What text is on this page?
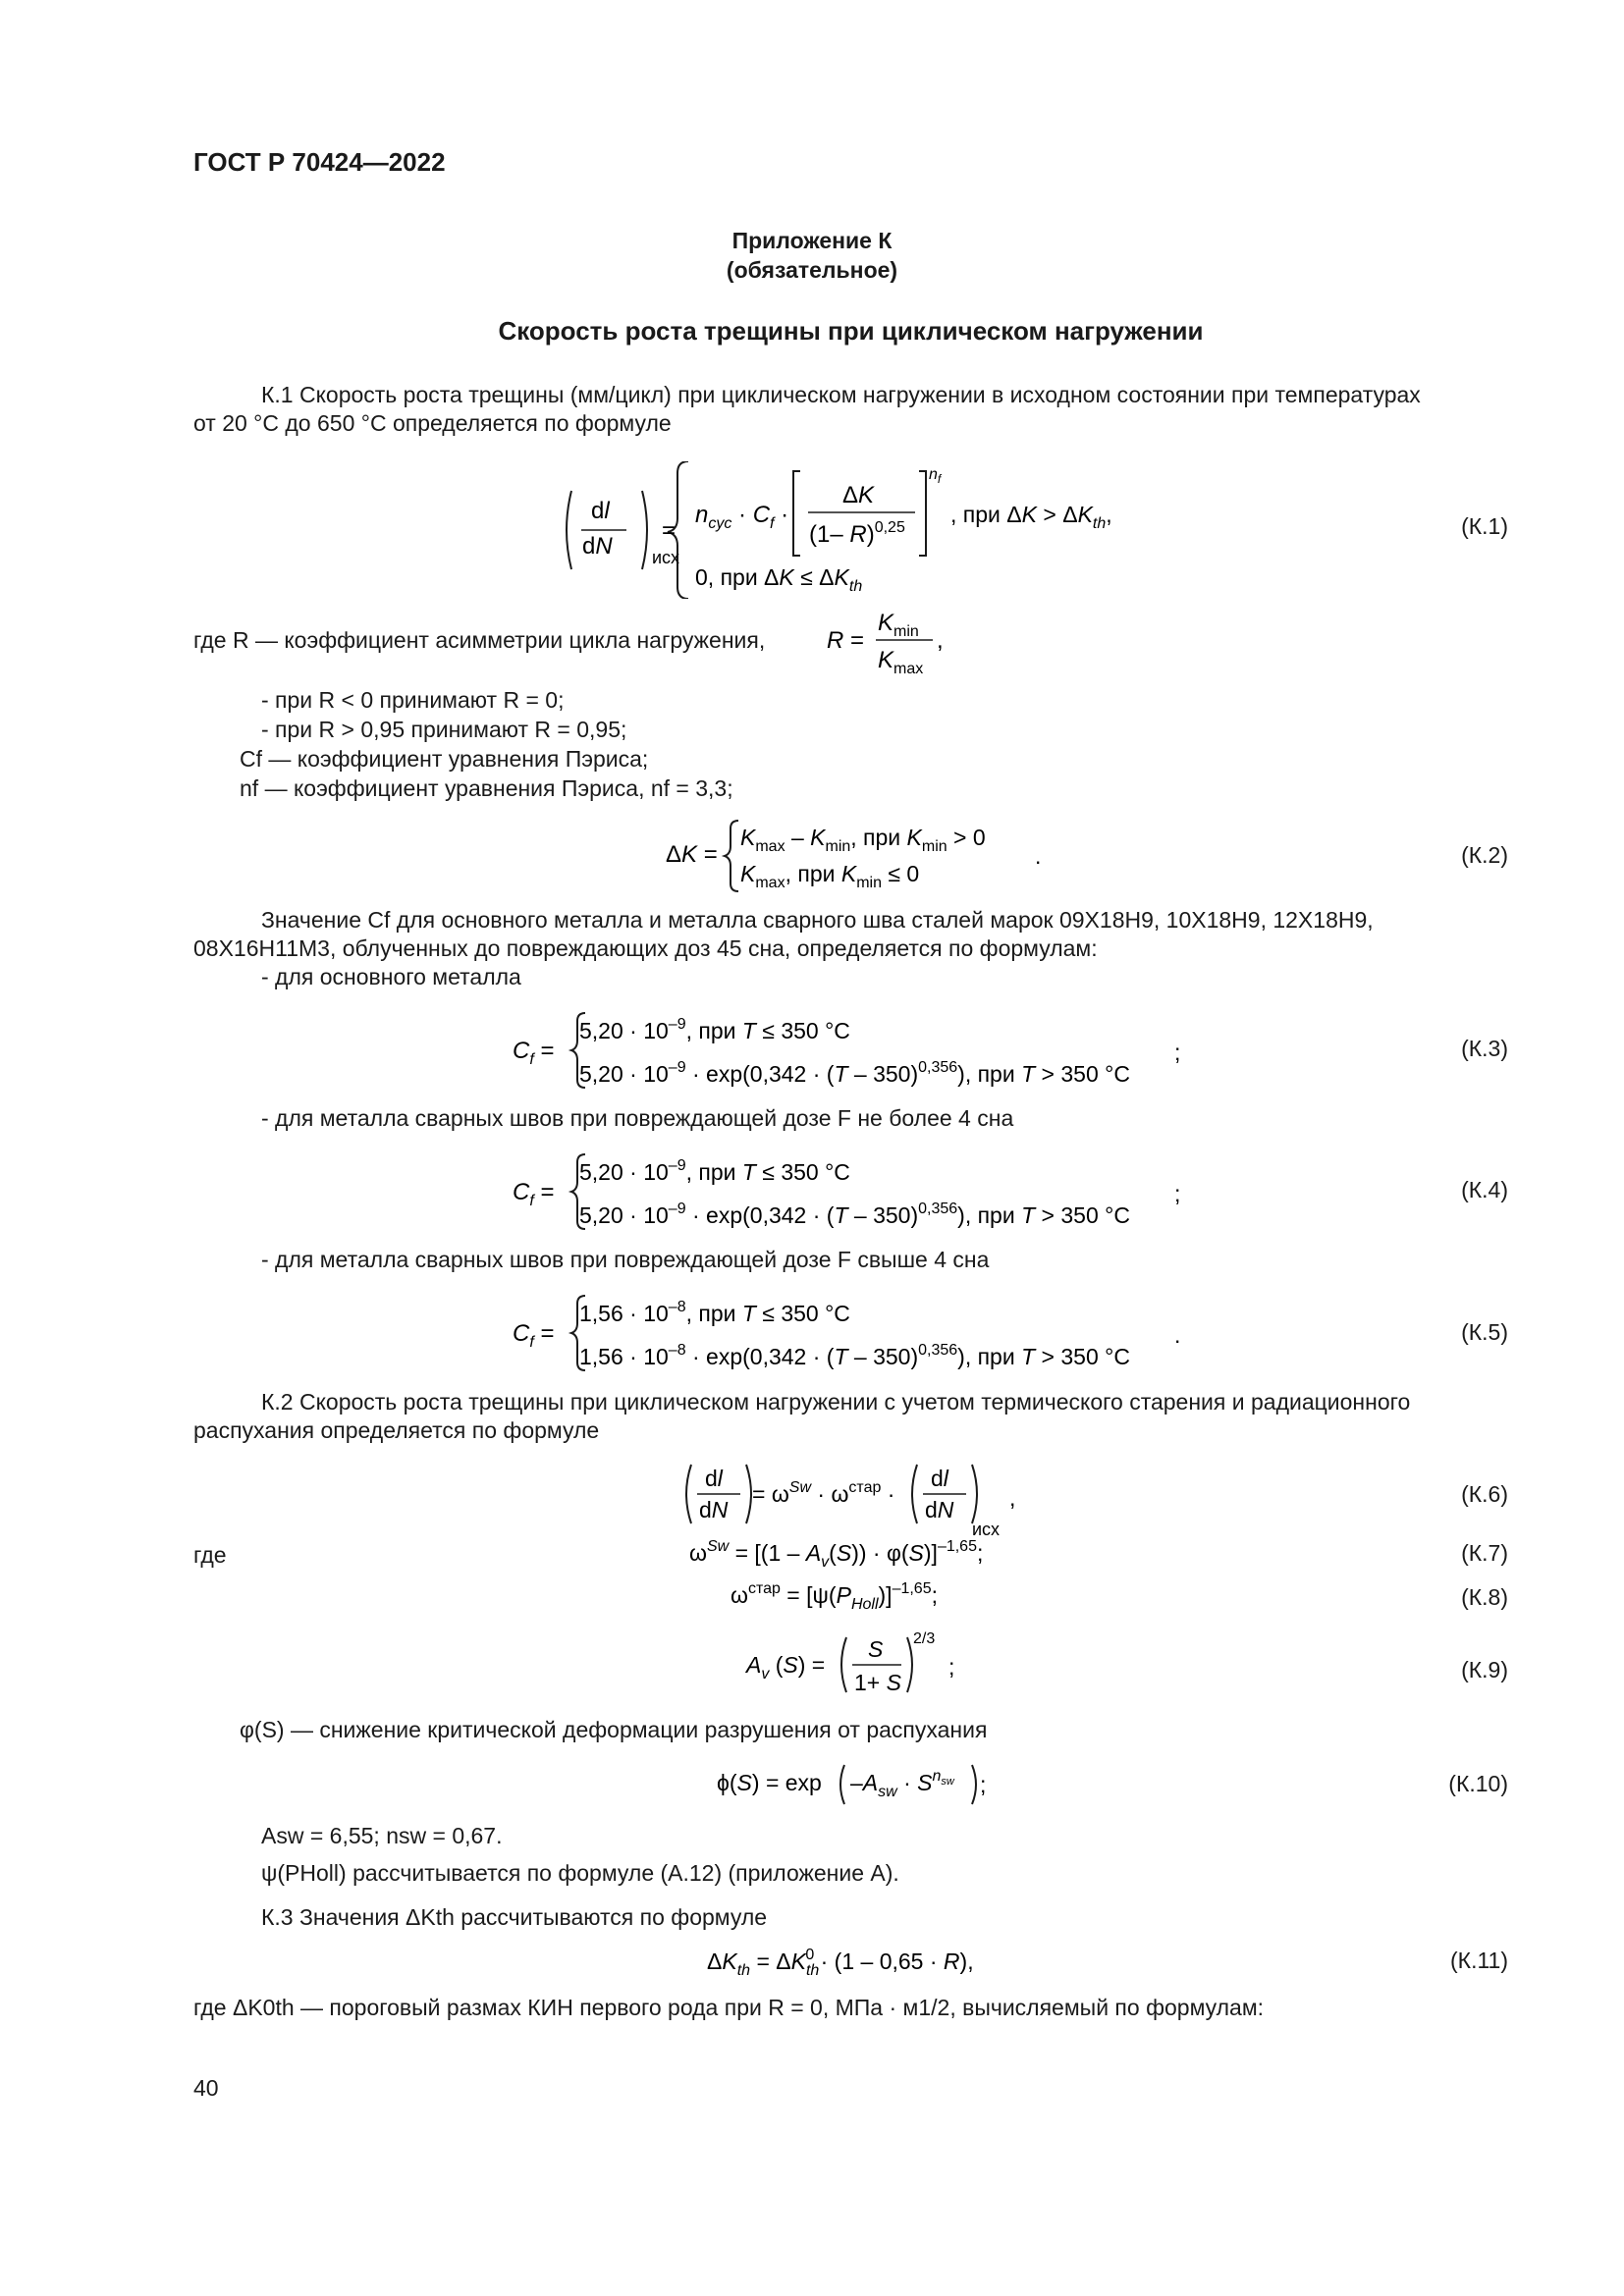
ГОСТ Р 70424—2022
Приложение К
(обязательное)
Скорость роста трещины при циклическом нагружении
К.1 Скорость роста трещины (мм/цикл) при циклическом нагружении в исходном состоянии при температурах
от 20 °С до 650 °С определяется по формуле
dl
dN исх
=
$n_{cyc} \cdot C_f$ ·
ΔK
(1– R)$^{0,25}$
$n_f$
, при $\Delta K > \Delta K_{th}$,
0, при $\Delta K \le \Delta K_{th}$
(К.1)
где R — коэффициент асимметрии цикла нагружения,	R =
$K_{min}$
$K_{max}$
,
- при R < 0 принимают R = 0;
- при R > 0,95 принимают R = 0,95;
Cf — коэффициент уравнения Пэриса;
nf — коэффициент уравнения Пэриса, nf = 3,3;
ΔK =
$K_{max} - K_{min}$, при $K_{min} > 0$
$K_{max}$, при $K_{min} \le 0$
.	(К.2)
Значение Cf для основного металла и металла сварного шва сталей марок 09Х18Н9, 10Х18Н9, 12Х18Н9,
08Х16Н11М3, облученных до повреждающих доз 45 сна, определяется по формулам:
- для основного металла
$C_f$ =
$5,20 \cdot 10^{-9}$, при T ≤ 350 °C
$5,20 \cdot 10^{-9} \cdot \exp(0,342 \cdot (T - 350)^{0,356})$, при T > 350 °C
;	(К.3)
- для металла сварных швов при повреждающей дозе F не более 4 сна
$C_f$ =
$5,20 \cdot 10^{-9}$, при T ≤ 350 °C
$5,20 \cdot 10^{-9} \cdot \exp(0,342 \cdot (T - 350)^{0,356})$, при T > 350 °C
;	(К.4)
- для металла сварных швов при повреждающей дозе F свыше 4 сна
$C_f$ =
$1,56 \cdot 10^{-8}$, при T ≤ 350 °C
$1,56 \cdot 10^{-8} \cdot \exp(0,342 \cdot (T - 350)^{0,356})$, при T > 350 °C
.	(К.5)
К.2 Скорость роста трещины при циклическом нагружении с учетом термического старения и радиационного
распухания определяется по формуле
dl
dN
= $\omega^{Sw} \cdot \omega^{стар}$ ·
dl
dN
исх
,	(К.6)
где	$\omega^{Sw} = [(1 - A_v(S)) \cdot \varphi(S)]^{-1,65}$;	(К.7)
$\omega^{стар} = [\psi(P_{Holl})]^{-1,65}$;	(К.8)
$A_v$ (S) =
S
1+ S
2/3
;	(К.9)
φ(S) — снижение критической деформации разрушения от распухания
$\phi(S) = \exp -A_{sw} \cdot S^nsw$ ;	(К.10)
Asw = 6,55; nsw = 0,67.
ψ(PHoll) рассчитывается по формуле (А.12) (приложение А).
К.3 Значения ΔKth рассчитываются по формуле
$\Delta K_{th} = \Delta K_{th}0 \cdot (1 - 0,65 \cdot R)$,	(К.11)
где ΔK0th — пороговый размах КИН первого рода при R = 0, МПа · м1/2, вычисляемый по формулам:
40
